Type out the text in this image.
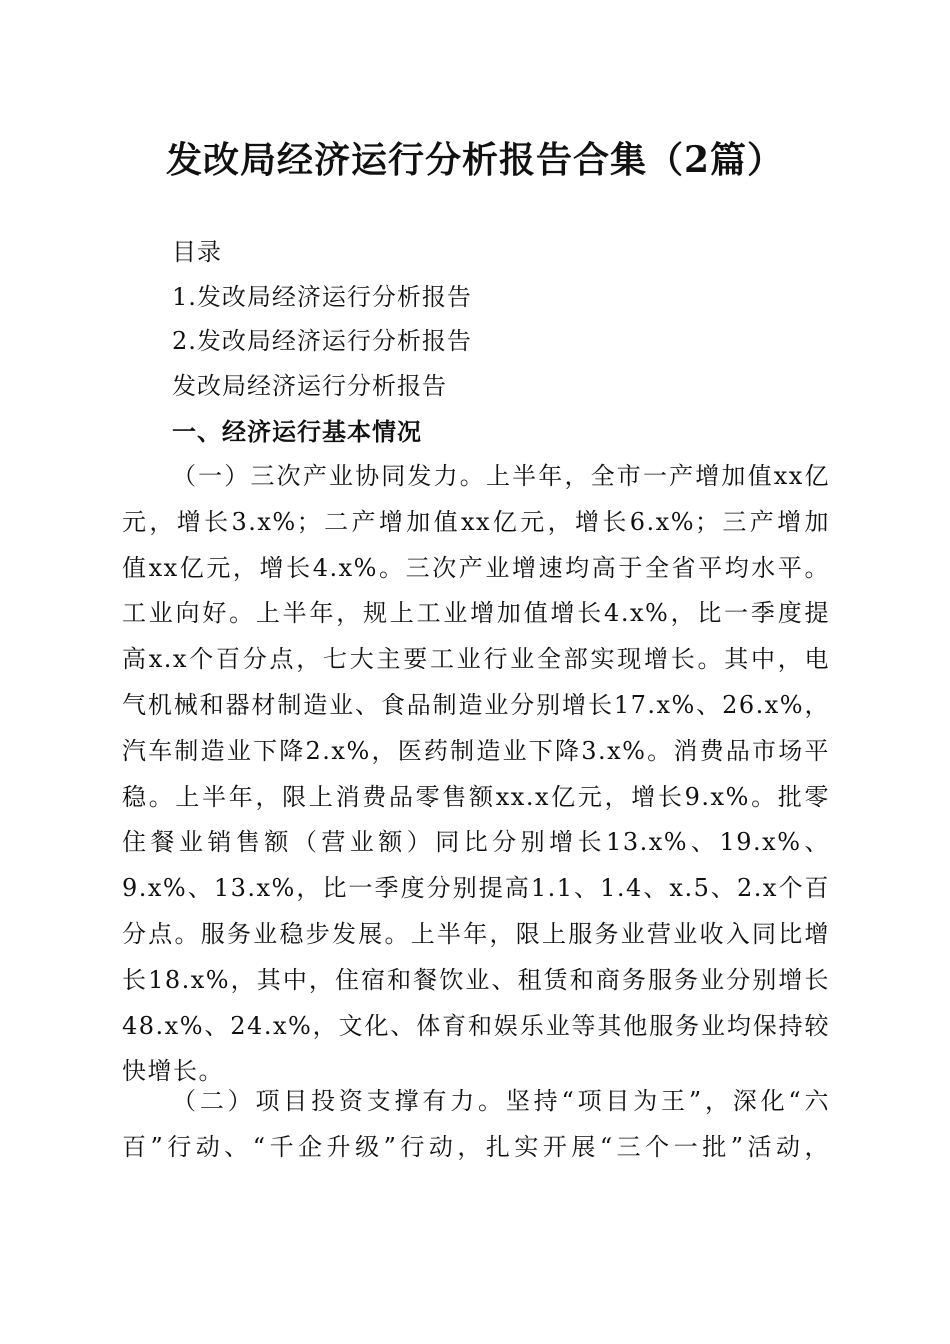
发改局经济运行分析报告合集（2篇）
目录
1.发改局经济运行分析报告
2.发改局经济运行分析报告
发改局经济运行分析报告
一、经济运行基本情况
（一）三次产业协同发力。上半年，全市一产增加值xx亿
元，增长3.x%；二产增加值xx亿元，增长6.x%；三产增加
值xx亿元，增长4.x%。三次产业增速均高于全省平均水平。
工业向好。上半年，规上工业增加值增长4.x%，比一季度提
高x.x个百分点，七大主要工业行业全部实现增长。其中，电
气机械和器材制造业、食品制造业分别增长17.x%、26.x%，
汽车制造业下降2.x%，医药制造业下降3.x%。消费品市场平
稳。上半年，限上消费品零售额xx.x亿元，增长9.x%。批零
住餐业销售额（营业额）同比分别增长13.x%、19.x%、
9.x%、13.x%，比一季度分别提高1.1、1.4、x.5、2.x个百
分点。服务业稳步发展。上半年，限上服务业营业收入同比增
长18.x%，其中，住宿和餐饮业、租赁和商务服务业分别增长
48.x%、24.x%，文化、体育和娱乐业等其他服务业均保持较
快增长。
（二）项目投资支撑有力。坚持“项目为王”，深化“六
百”行动、“千企升级”行动，扎实开展“三个一批”活动，
